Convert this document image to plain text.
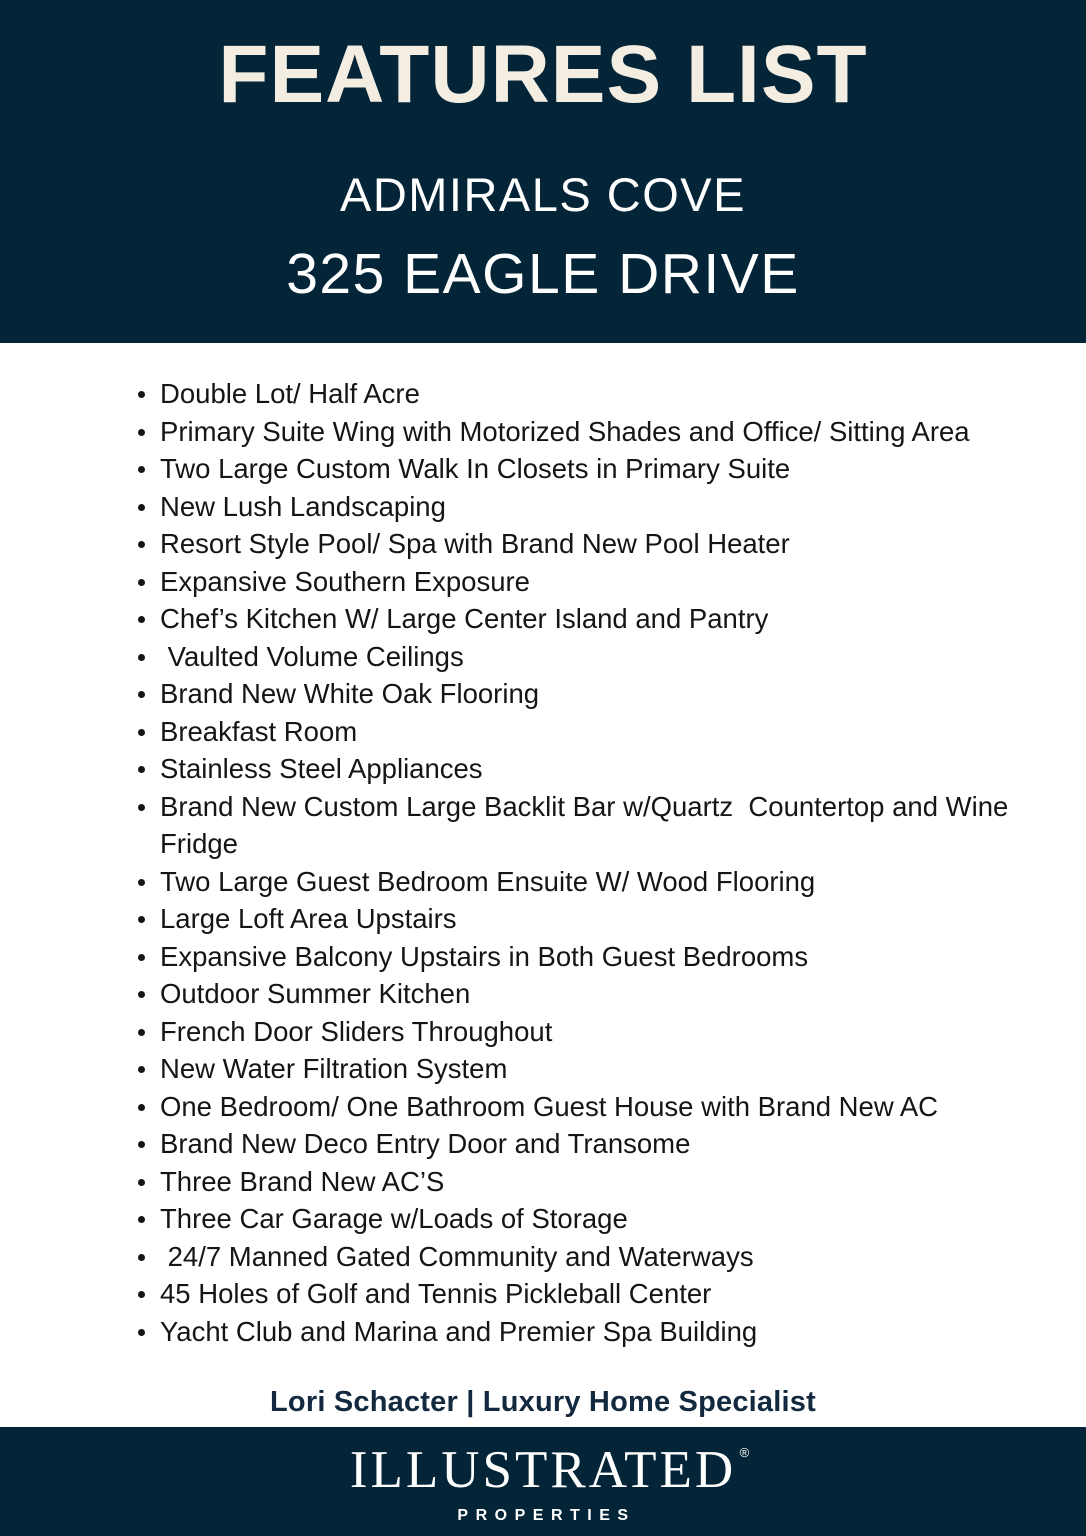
FEATURES LIST
ADMIRALS COVE
325 EAGLE DRIVE
Double Lot/ Half Acre
Primary Suite Wing with Motorized Shades and Office/ Sitting Area
Two Large Custom Walk In Closets in Primary Suite
New Lush Landscaping
Resort Style Pool/ Spa with Brand New Pool Heater
Expansive Southern Exposure
Chef’s Kitchen W/ Large Center Island and Pantry
Vaulted Volume Ceilings
Brand New White Oak Flooring
Breakfast Room
Stainless Steel Appliances
Brand New Custom Large Backlit Bar w/Quartz  Countertop and Wine Fridge
Two Large Guest Bedroom Ensuite W/ Wood Flooring
Large Loft Area Upstairs
Expansive Balcony Upstairs in Both Guest Bedrooms
Outdoor Summer Kitchen
French Door Sliders Throughout
New Water Filtration System
One Bedroom/ One Bathroom Guest House with Brand New AC
Brand New Deco Entry Door and Transome
Three Brand New AC’S
Three Car Garage w/Loads of Storage
24/7 Manned Gated Community and Waterways
45 Holes of Golf and Tennis Pickleball Center
Yacht Club and Marina and Premier Spa Building
Lori Schacter | Luxury Home Specialist
ILLUSTRATED ®
PROPERTIES
